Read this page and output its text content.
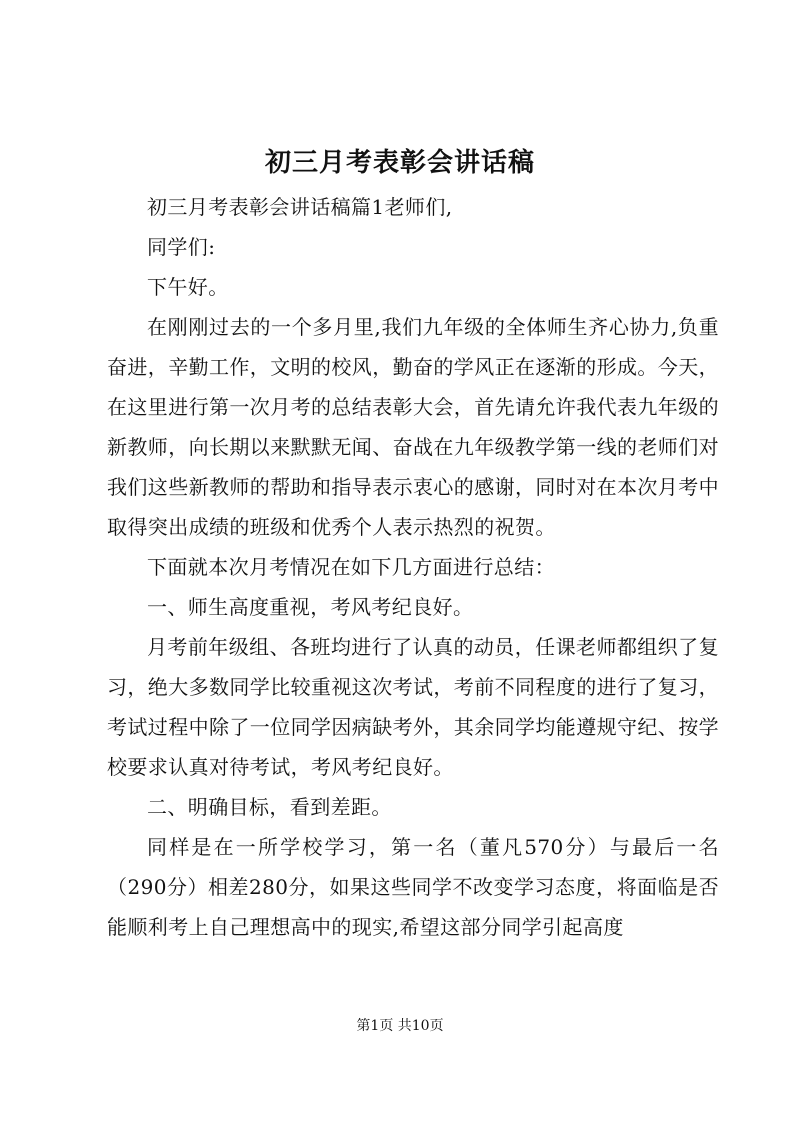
初三月考表彰会讲话稿

初三月考表彰会讲话稿篇1老师们,

同学们:

下午好。

在刚刚过去的一个多月里,我们九年级的全体师生齐心协力,负重奋进，辛勤工作，文明的校风，勤奋的学风正在逐渐的形成。今天，在这里进行第一次月考的总结表彰大会，首先请允许我代表九年级的新教师，向长期以来默默无闻、奋战在九年级教学第一线的老师们对我们这些新教师的帮助和指导表示衷心的感谢，同时对在本次月考中取得突出成绩的班级和优秀个人表示热烈的祝贺。

下面就本次月考情况在如下几方面进行总结：

一、师生高度重视，考风考纪良好。

月考前年级组、各班均进行了认真的动员，任课老师都组织了复习，绝大多数同学比较重视这次考试，考前不同程度的进行了复习，考试过程中除了一位同学因病缺考外，其余同学均能遵规守纪、按学校要求认真对待考试，考风考纪良好。

二、明确目标，看到差距。

同样是在一所学校学习，第一名（董凡570分）与最后一名（290分）相差280分，如果这些同学不改变学习态度，将面临是否能顺利考上自己理想高中的现实,希望这部分同学引起高度

第1页 共10页
